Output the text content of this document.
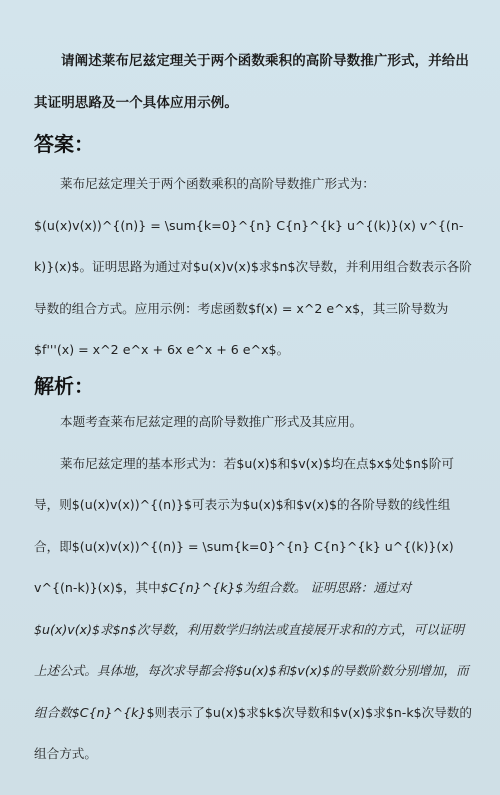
请阐述莱布尼兹定理关于两个函数乘积的高阶导数推广形式，并给出其证明思路及一个具体应用示例。
答案：

莱布尼兹定理关于两个函数乘积的高阶导数推广形式为：$(u(x)v(x))^{(n)} = \sum{k=0}^{n} C{n}^{k} u^{(k)}(x) v^{(n-k)}(x)$。证明思路为通过对$u(x)v(x)$求$n$次导数，并利用组合数表示各阶导数的组合方式。应用示例：考虑函数$f(x) = x^2 e^x$，其三阶导数为$f'''(x) = x^2 e^x + 6x e^x + 6 e^x$。

解析：

本题考查莱布尼兹定理的高阶导数推广形式及其应用。

莱布尼兹定理的基本形式为：若$u(x)$和$v(x)$均在点$x$处$n$阶可导，则$(u(x)v(x))^{(n)}$可表示为$u(x)$和$v(x)$的各阶导数的线性组合，即$(u(x)v(x))^{(n)} = \sum{k=0}^{n} C{n}^{k} u^{(k)}(x) v^{(n-k)}(x)$，其中$C{n}^{k}$为组合数。 证明思路：通过对$u(x)v(x)$求$n$次导数，利用数学归纳法或直接展开求和的方式，可以证明上述公式。具体地，每次求导都会将$u(x)$和$v(x)$的导数阶数分别增加，而组合数$C{n}^{k}$则表示了$u(x)$求$k$次导数和$v(x)$求$n-k$次导数的组合方式。
